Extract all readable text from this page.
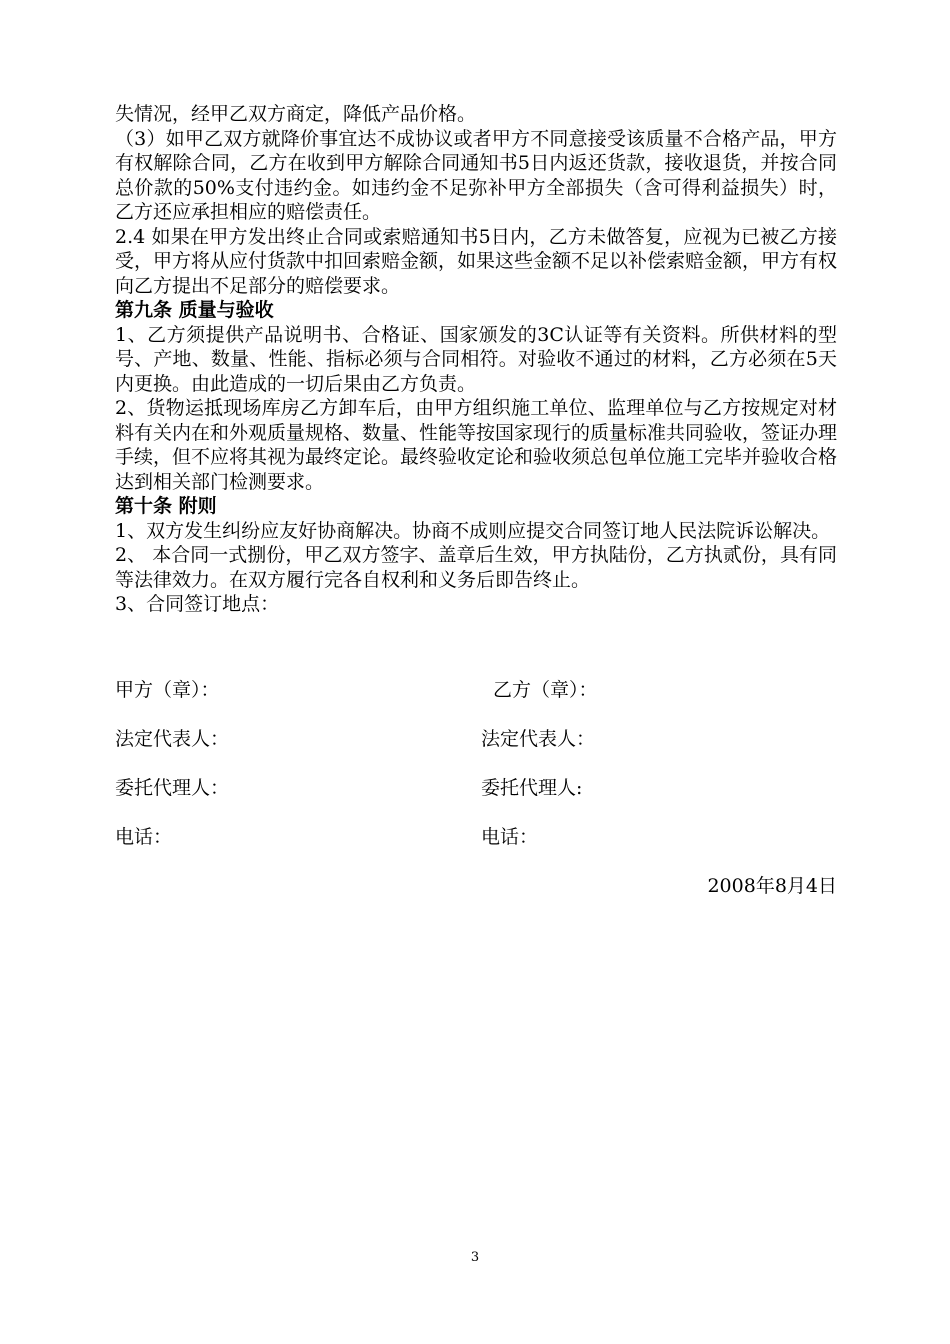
失情况，经甲乙双方商定，降低产品价格。

（3）如甲乙双方就降价事宜达不成协议或者甲方不同意接受该质量不合格产品，甲方有权解除合同，乙方在收到甲方解除合同通知书5日内返还货款，接收退货，并按合同总价款的50%支付违约金。如违约金不足弥补甲方全部损失（含可得利益损失）时，乙方还应承担相应的赔偿责任。

2.4 如果在甲方发出终止合同或索赔通知书5日内，乙方未做答复，应视为已被乙方接受，甲方将从应付货款中扣回索赔金额，如果这些金额不足以补偿索赔金额，甲方有权向乙方提出不足部分的赔偿要求。

第九条 质量与验收

1、乙方须提供产品说明书、合格证、国家颁发的3C认证等有关资料。所供材料的型号、产地、数量、性能、指标必须与合同相符。对验收不通过的材料，乙方必须在5天内更换。由此造成的一切后果由乙方负责。

2、货物运抵现场库房乙方卸车后，由甲方组织施工单位、监理单位与乙方按规定对材料有关内在和外观质量规格、数量、性能等按国家现行的质量标准共同验收，签证办理手续，但不应将其视为最终定论。最终验收定论和验收须总包单位施工完毕并验收合格达到相关部门检测要求。

第十条 附则

1、双方发生纠纷应友好协商解决。协商不成则应提交合同签订地人民法院诉讼解决。

2、 本合同一式捌份，甲乙双方签字、盖章后生效，甲方执陆份，乙方执贰份，具有同等法律效力。在双方履行完各自权利和义务后即告终止。

3、合同签订地点：

甲方（章）：	乙方（章）：
法定代表人：	法定代表人：
委托代理人：	委托代理人:
电话：	电话：
2008年8月4日
3
